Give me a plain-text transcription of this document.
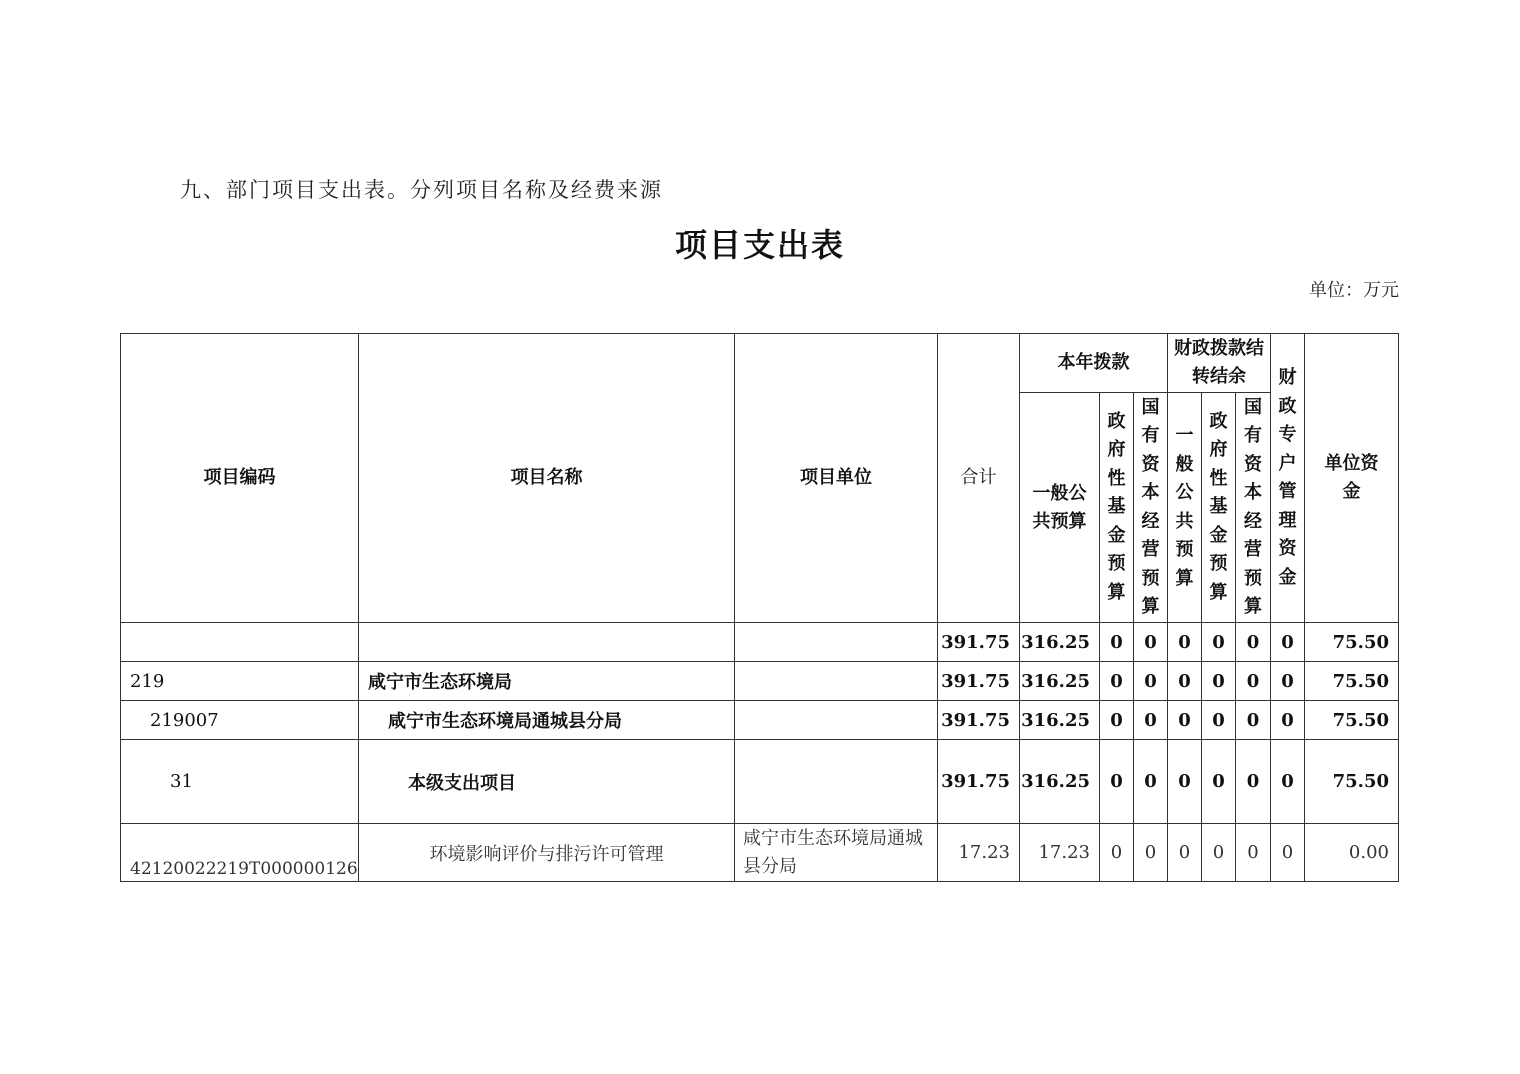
九、部门项目支出表。分列项目名称及经费来源
项目支出表
单位：万元
项目编码	项目名称	项目单位	合计	本年拨款			财政拨款结转结余			财政专户管理资金	单位资金
				一般公共预算	政府性基金预算	国有资本经营预算	一般公共预算	政府性基金预算	国有资本经营预算		
			391.75	316.25	0	0	0	0	0	0	75.50
219	咸宁市生态环境局		391.75	316.25	0	0	0	0	0	0	75.50
219007	咸宁市生态环境局通城县分局		391.75	316.25	0	0	0	0	0	0	75.50
31	本级支出项目		391.75	316.25	0	0	0	0	0	0	75.50
42120022219T000000126	环境影响评价与排污许可管理	咸宁市生态环境局通城县分局	17.23	17.23	0	0	0	0	0	0	0.00
